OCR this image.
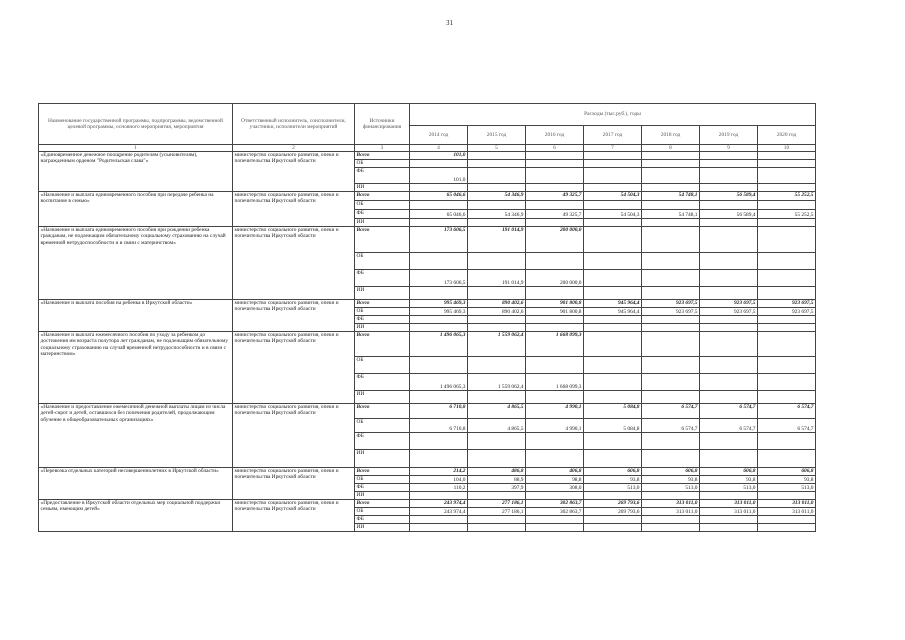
31
Наименование государственной программы, подпрограммы, ведомственной целевой программы, основного мероприятия, мероприятия	Ответственный исполнитель, соисполнители, участники, исполнители мероприятий	Источники финансирования	Расходы (тыс.руб.), годы						
			2014 год	2015 год	2016 год	2017 год	2018 год	2019 год	2020 год
1	2	3	4	5	6	7	8	9	10
«Единовременное денежное поощрение родителям (усыновителям), награжденным орденом "Родительская слава"»	министерство социального развития, опеки и попечительства Иркутской области	Всего	101,0						
		ОБ							
		ФБ	101,0						
		ИИ							
«Назначение и выплата единовременного пособия при передаче ребенка на воспитание в семью»	министерство социального развития, опеки и попечительства Иркутской области	Всего	65 046,6	54 346,9	49 325,7	54 504,3	54 748,1	56 589,4	55 252,5
		ОБ							
		ФБ	65 046,6	54 346,9	49 325,7	54 504,3	54 748,1	56 589,4	55 252,5
		ИИ							
«Назначение и выплата единовременного пособия при рождении ребенка гражданам, не подлежащим обязательному социальному страхованию на случай временной нетрудоспособности и в связи с материнством»	министерство социального развития, опеки и попечительства Иркутской области	Всего	173 606,5	191 014,9	200 000,0				
		ОБ							
		ФБ	173 606,5	191 014,9	200 000,0				
		ИИ							
«Назначение и выплата пособия на ребенка в Иркутской области»	министерство социального развития, опеки и попечительства Иркутской области	Всего	995 469,3	890 402,6	901 800,8	945 964,4	923 697,5	923 697,5	923 697,5
		ОБ	995 469,3	890 402,6	901 800,8	945 964,4	923 697,5	923 697,5	923 697,5
		ФБ							
		ИИ							
«Назначение и выплата ежемесячного пособия по уходу за ребенком до достижения им возраста полутора лет гражданам, не подлежащим обязательному социальному страхованию на случай временной нетрудоспособности и в связи с материнством»	министерство социального развития, опеки и попечительства Иркутской области	Всего	1 496 065,3	1 559 062,4	1 668 099,3				
		ОБ							
		ФБ	1 496 065,3	1 559 062,4	1 668 099,3				
		ИИ							
«Назначение и предоставление ежемесячной денежной выплаты лицам из числа детей-сирот и детей, оставшихся без попечения родителей, продолжающим обучение в общеобразовательных организациях»	министерство социального развития, опеки и попечительства Иркутской области	Всего	6 710,8	4 865,5	4 990,1	5 084,8	6 574,7	6 574,7	6 574,7
		ОБ	6 710,8	4 865,5	4 990,1	5 084,8	6 574,7	6 574,7	6 574,7
		ФБ							
		ИИ							
«Перевозка отдельных категорий несовершеннолетних в Иркутской области»	министерство социального развития, опеки и попечительства Иркутской области	Всего	214,2	486,8	406,8	606,8	606,8	606,8	606,8
		ОБ	104,0	88,9	98,8	93,8	93,8	93,8	93,8
		ФБ	110,2	397,9	308,0	513,0	513,0	513,0	513,0
		ИИ							
«Предоставление в Иркутской области отдельных мер социальной поддержки семьям, имеющим детей»	министерство социального развития, опеки и попечительства Иркутской области	Всего	243 974,4	277 186,1	302 863,7	269 793,6	313 011,0	313 011,0	313 011,0
		ОБ	243 974,4	277 186,1	302 863,7	269 793,6	313 011,0	313 011,0	313 011,0
		ФБ							
		ИИ							
